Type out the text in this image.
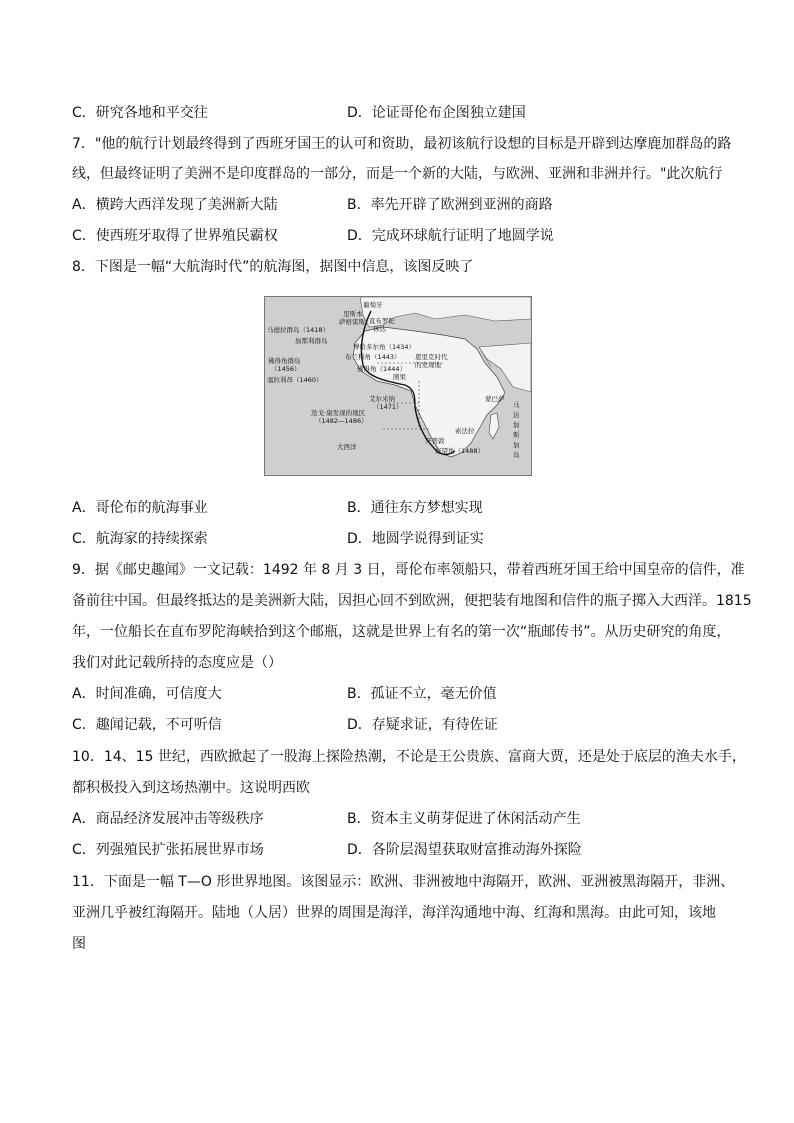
C．研究各地和平交往	D．论证哥伦布企图独立建国
7．"他的航行计划最终得到了西班牙国王的认可和资助，最初该航行设想的目标是开辟到达摩鹿加群岛的路
线，但最终证明了美洲不是印度群岛的一部分，而是一个新的大陆，与欧洲、亚洲和非洲并行。"此次航行
A．横跨大西洋发现了美洲新大陆	B．率先开辟了欧洲到亚洲的商路
C．使西班牙取得了世界殖民霸权	D．完成环球航行证明了地圆学说
8．下图是一幅“大航海时代”的航海图，据图中信息，该图反映了
葡萄牙
里斯本
萨格雷斯 直布罗陀
休达
马德拉群岛（1418）
加那利群岛
博哈多尔角（1434）
布兰科角（1443） 恩里克时代
的发现地
佛得角群岛
（1456）	佛得角（1444）
塞拉利昂（1460）	刚果
艾尔米纳
（1471）
迭戈·康发现的地区
（1482—1486）
蒙巴萨
马
达
加
斯
加
岛
索法拉
开普敦
好望角（1488）
大西洋
A．哥伦布的航海事业	B．通往东方梦想实现
C．航海家的持续探索	D．地圆学说得到证实
9．据《邮史趣闻》一文记载：1492 年 8 月 3 日，哥伦布率领船只，带着西班牙国王给中国皇帝的信件，准
备前往中国。但最终抵达的是美洲新大陆，因担心回不到欧洲，便把装有地图和信件的瓶子掷入大西洋。1815
年，一位船长在直布罗陀海峡拾到这个邮瓶，这就是世界上有名的第一次“瓶邮传书”。从历史研究的角度，
我们对此记载所持的态度应是（）
A．时间准确，可信度大	B．孤证不立，毫无价值
C．趣闻记载，不可听信	D．存疑求证，有待佐证
10．14、15 世纪，西欧掀起了一股海上探险热潮，不论是王公贵族、富商大贾，还是处于底层的渔夫水手，
都积极投入到这场热潮中。这说明西欧
A．商品经济发展冲击等级秩序	B．资本主义萌芽促进了休闲活动产生
C．列强殖民扩张拓展世界市场	D．各阶层渴望获取财富推动海外探险
11．下面是一幅 T—O 形世界地图。该图显示：欧洲、非洲被地中海隔开，欧洲、亚洲被黑海隔开，非洲、
亚洲几乎被红海隔开。陆地（人居）世界的周围是海洋，海洋沟通地中海、红海和黑海。由此可知，该地
图
